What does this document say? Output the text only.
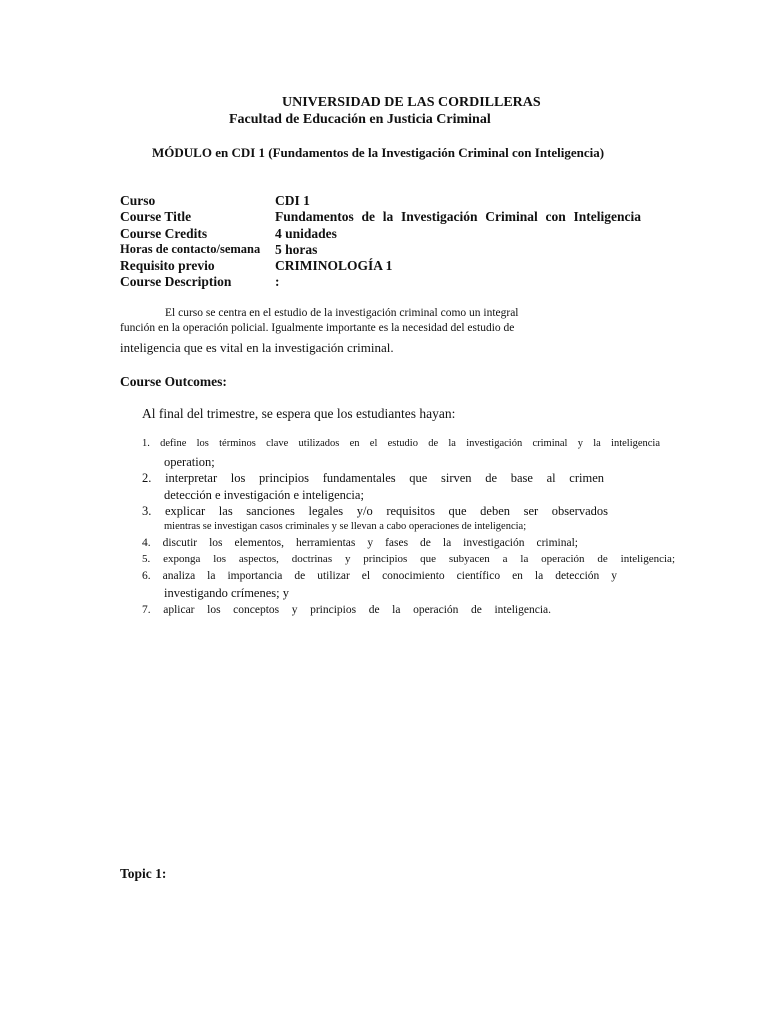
UNIVERSIDAD DE LAS CORDILLERAS
Facultad de Educación en Justicia Criminal
MÓDULO en CDI 1 (Fundamentos de la Investigación Criminal con Inteligencia)
Curso	CDI 1
Course Title	Fundamentos de la Investigación Criminal con Inteligencia
Course Credits	4 unidades
Horas de contacto/semana 5 horas
Requisito previo	CRIMINOLOGÍA 1
Course Description	:
El curso se centra en el estudio de la investigación criminal como un integral
función en la operación policial. Igualmente importante es la necesidad del estudio de
inteligencia que es vital en la investigación criminal.
Course Outcomes:
Al final del trimestre, se espera que los estudiantes hayan:
1. define los términos clave utilizados en el estudio de la investigación criminal y la inteligencia
operation;
2. interpretar los principios fundamentales que sirven de base al crimen
detección e investigación e inteligencia;
3. explicar las sanciones legales y/o requisitos que deben ser observados
mientras se investigan casos criminales y se llevan a cabo operaciones de inteligencia;
4. discutir los elementos, herramientas y fases de la investigación criminal;
5. exponga los aspectos, doctrinas y principios que subyacen a la operación de inteligencia;
6. analiza la importancia de utilizar el conocimiento científico en la detección y
investigando crímenes; y
7. aplicar los conceptos y principios de la operación de inteligencia.
Topic 1:
